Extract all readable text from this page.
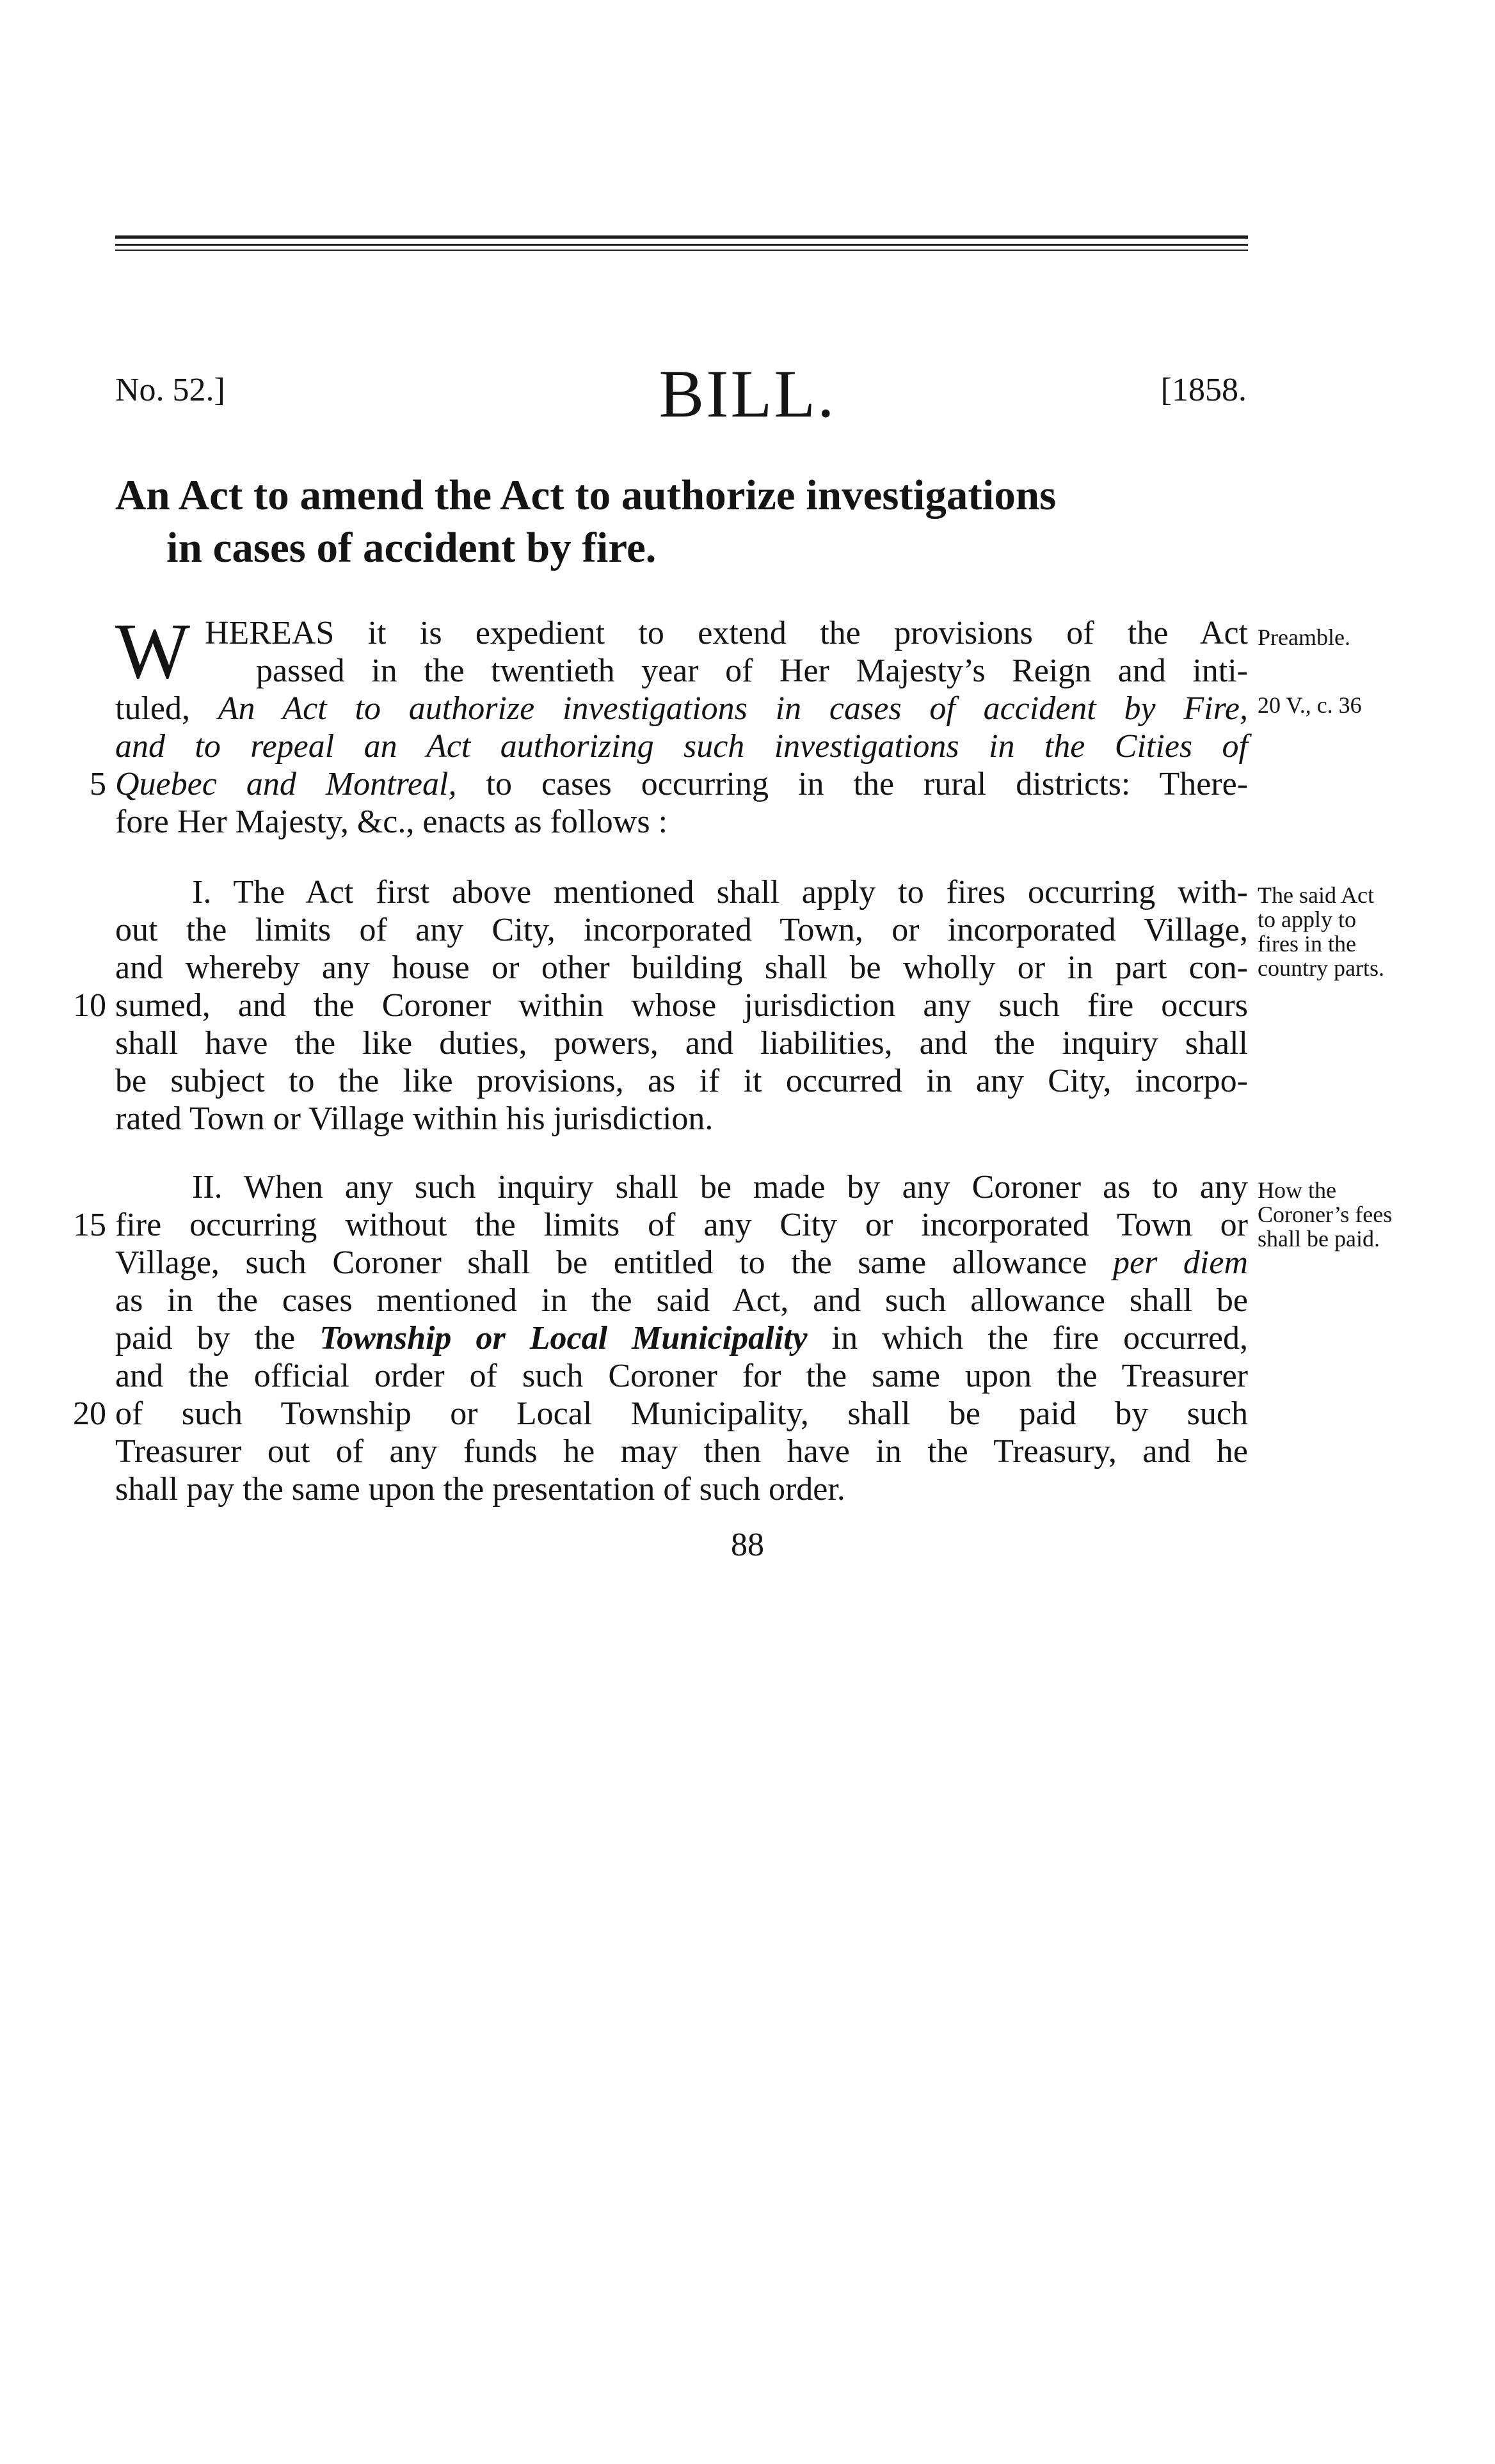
No. 52.]	BILL.	[1858.
An Act to amend the Act to authorize investigations
in cases of accident by fire.
W HEREAS it is expedient to extend the provisions of the Act
passed in the twentieth year of Her Majesty’s Reign and inti-
tuled, An Act to authorize investigations in cases of accident by Fire,
and to repeal an Act authorizing such investigations in the Cities of
Quebec and Montreal, to cases occurring in the rural districts: There-
fore Her Majesty, &c., enacts as follows :
I. The Act first above mentioned shall apply to fires occurring with-
out the limits of any City, incorporated Town, or incorporated Village,
and whereby any house or other building shall be wholly or in part con-
sumed, and the Coroner within whose jurisdiction any such fire occurs
shall have the like duties, powers, and liabilities, and the inquiry shall
be subject to the like provisions, as if it occurred in any City, incorpo-
rated Town or Village within his jurisdiction.
II. When any such inquiry shall be made by any Coroner as to any
fire occurring without the limits of any City or incorporated Town or
Village, such Coroner shall be entitled to the same allowance per diem
as in the cases mentioned in the said Act, and such allowance shall be
paid by the Township or Local Municipality in which the fire occurred,
and the official order of such Coroner for the same upon the Treasurer
of such Township or Local Municipality, shall be paid by such
Treasurer out of any funds he may then have in the Treasury, and he
shall pay the same upon the presentation of such order.
5
10
15
20
Preamble.
20 V., c. 36
The said Act
to apply to
fires in the
country parts.
How the
Coroner’s fees
shall be paid.
88
